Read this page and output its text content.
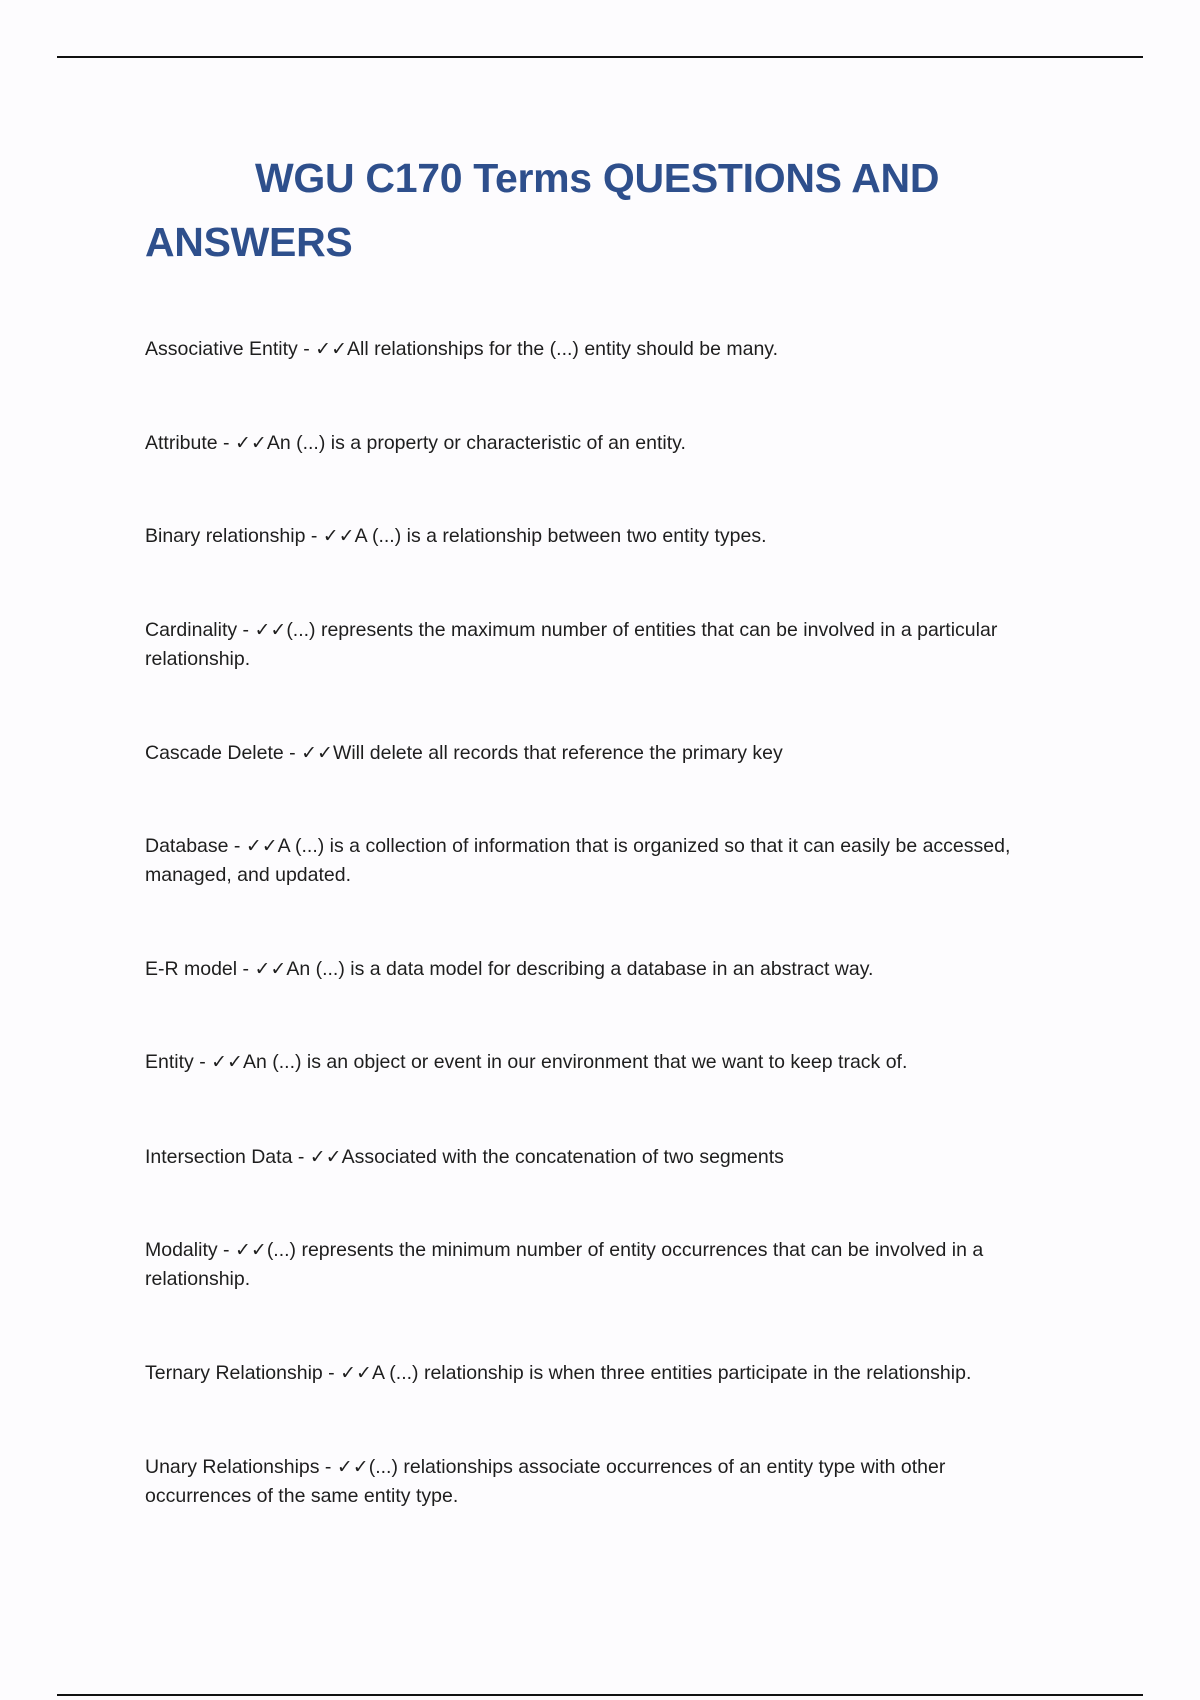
WGU C170 Terms QUESTIONS AND ANSWERS
Associative Entity - ✓✓All relationships for the (...) entity should be many.
Attribute - ✓✓An (...) is a property or characteristic of an entity.
Binary relationship - ✓✓A (...) is a relationship between two entity types.
Cardinality - ✓✓(...) represents the maximum number of entities that can be involved in a particular relationship.
Cascade Delete - ✓✓Will delete all records that reference the primary key
Database - ✓✓A (...) is a collection of information that is organized so that it can easily be accessed, managed, and updated.
E-R model - ✓✓An (...) is a data model for describing a database in an abstract way.
Entity - ✓✓An (...) is an object or event in our environment that we want to keep track of.
Intersection Data - ✓✓Associated with the concatenation of two segments
Modality - ✓✓(...) represents the minimum number of entity occurrences that can be involved in a relationship.
Ternary Relationship - ✓✓A (...) relationship is when three entities participate in the relationship.
Unary Relationships - ✓✓(...) relationships associate occurrences of an entity type with other occurrences of the same entity type.
